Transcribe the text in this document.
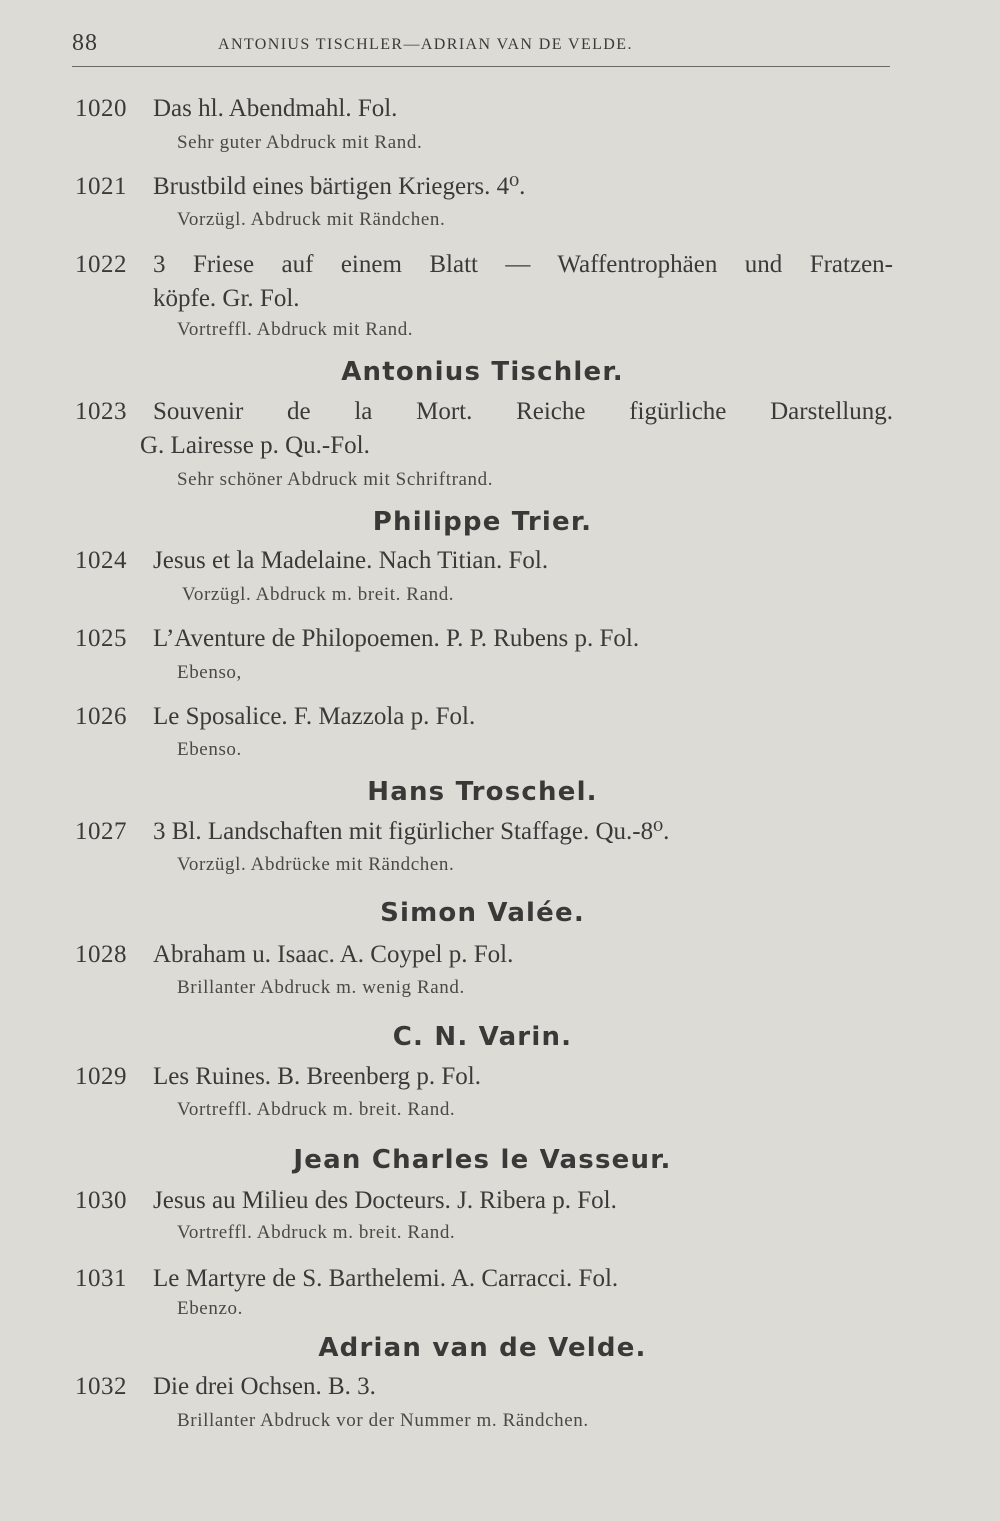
88	ANTONIUS TISCHLER—ADRIAN VAN DE VELDE.
1020 Das hl. Abendmahl. Fol.
Sehr guter Abdruck mit Rand.
1021 Brustbild eines bärtigen Kriegers. 4⁰.
Vorzügl. Abdruck mit Rändchen.
1022 3 Friese auf einem Blatt — Waffentrophäen und Fratzen-
köpfe. Gr. Fol.
Vortreffl. Abdruck mit Rand.
Antonius Tischler.
1023 Souvenir de la Mort. Reiche figürliche Darstellung.
G. Lairesse p. Qu.-Fol.
Sehr schöner Abdruck mit Schriftrand.
Philippe Trier.
1024 Jesus et la Madelaine. Nach Titian. Fol.
Vorzügl. Abdruck m. breit. Rand.
1025 L’Aventure de Philopoemen. P. P. Rubens p. Fol.
Ebenso,
1026 Le Sposalice. F. Mazzola p. Fol.
Ebenso.
Hans Troschel.
1027 3 Bl. Landschaften mit figürlicher Staffage. Qu.-8⁰.
Vorzügl. Abdrücke mit Rändchen.
Simon Valée.
1028 Abraham u. Isaac. A. Coypel p. Fol.
Brillanter Abdruck m. wenig Rand.
C. N. Varin.
1029 Les Ruines. B. Breenberg p. Fol.
Vortreffl. Abdruck m. breit. Rand.
Jean Charles le Vasseur.
1030 Jesus au Milieu des Docteurs. J. Ribera p. Fol.
Vortreffl. Abdruck m. breit. Rand.
1031 Le Martyre de S. Barthelemi. A. Carracci. Fol.
Ebenzo.
Adrian van de Velde.
1032 Die drei Ochsen. B. 3.
Brillanter Abdruck vor der Nummer m. Rändchen.
